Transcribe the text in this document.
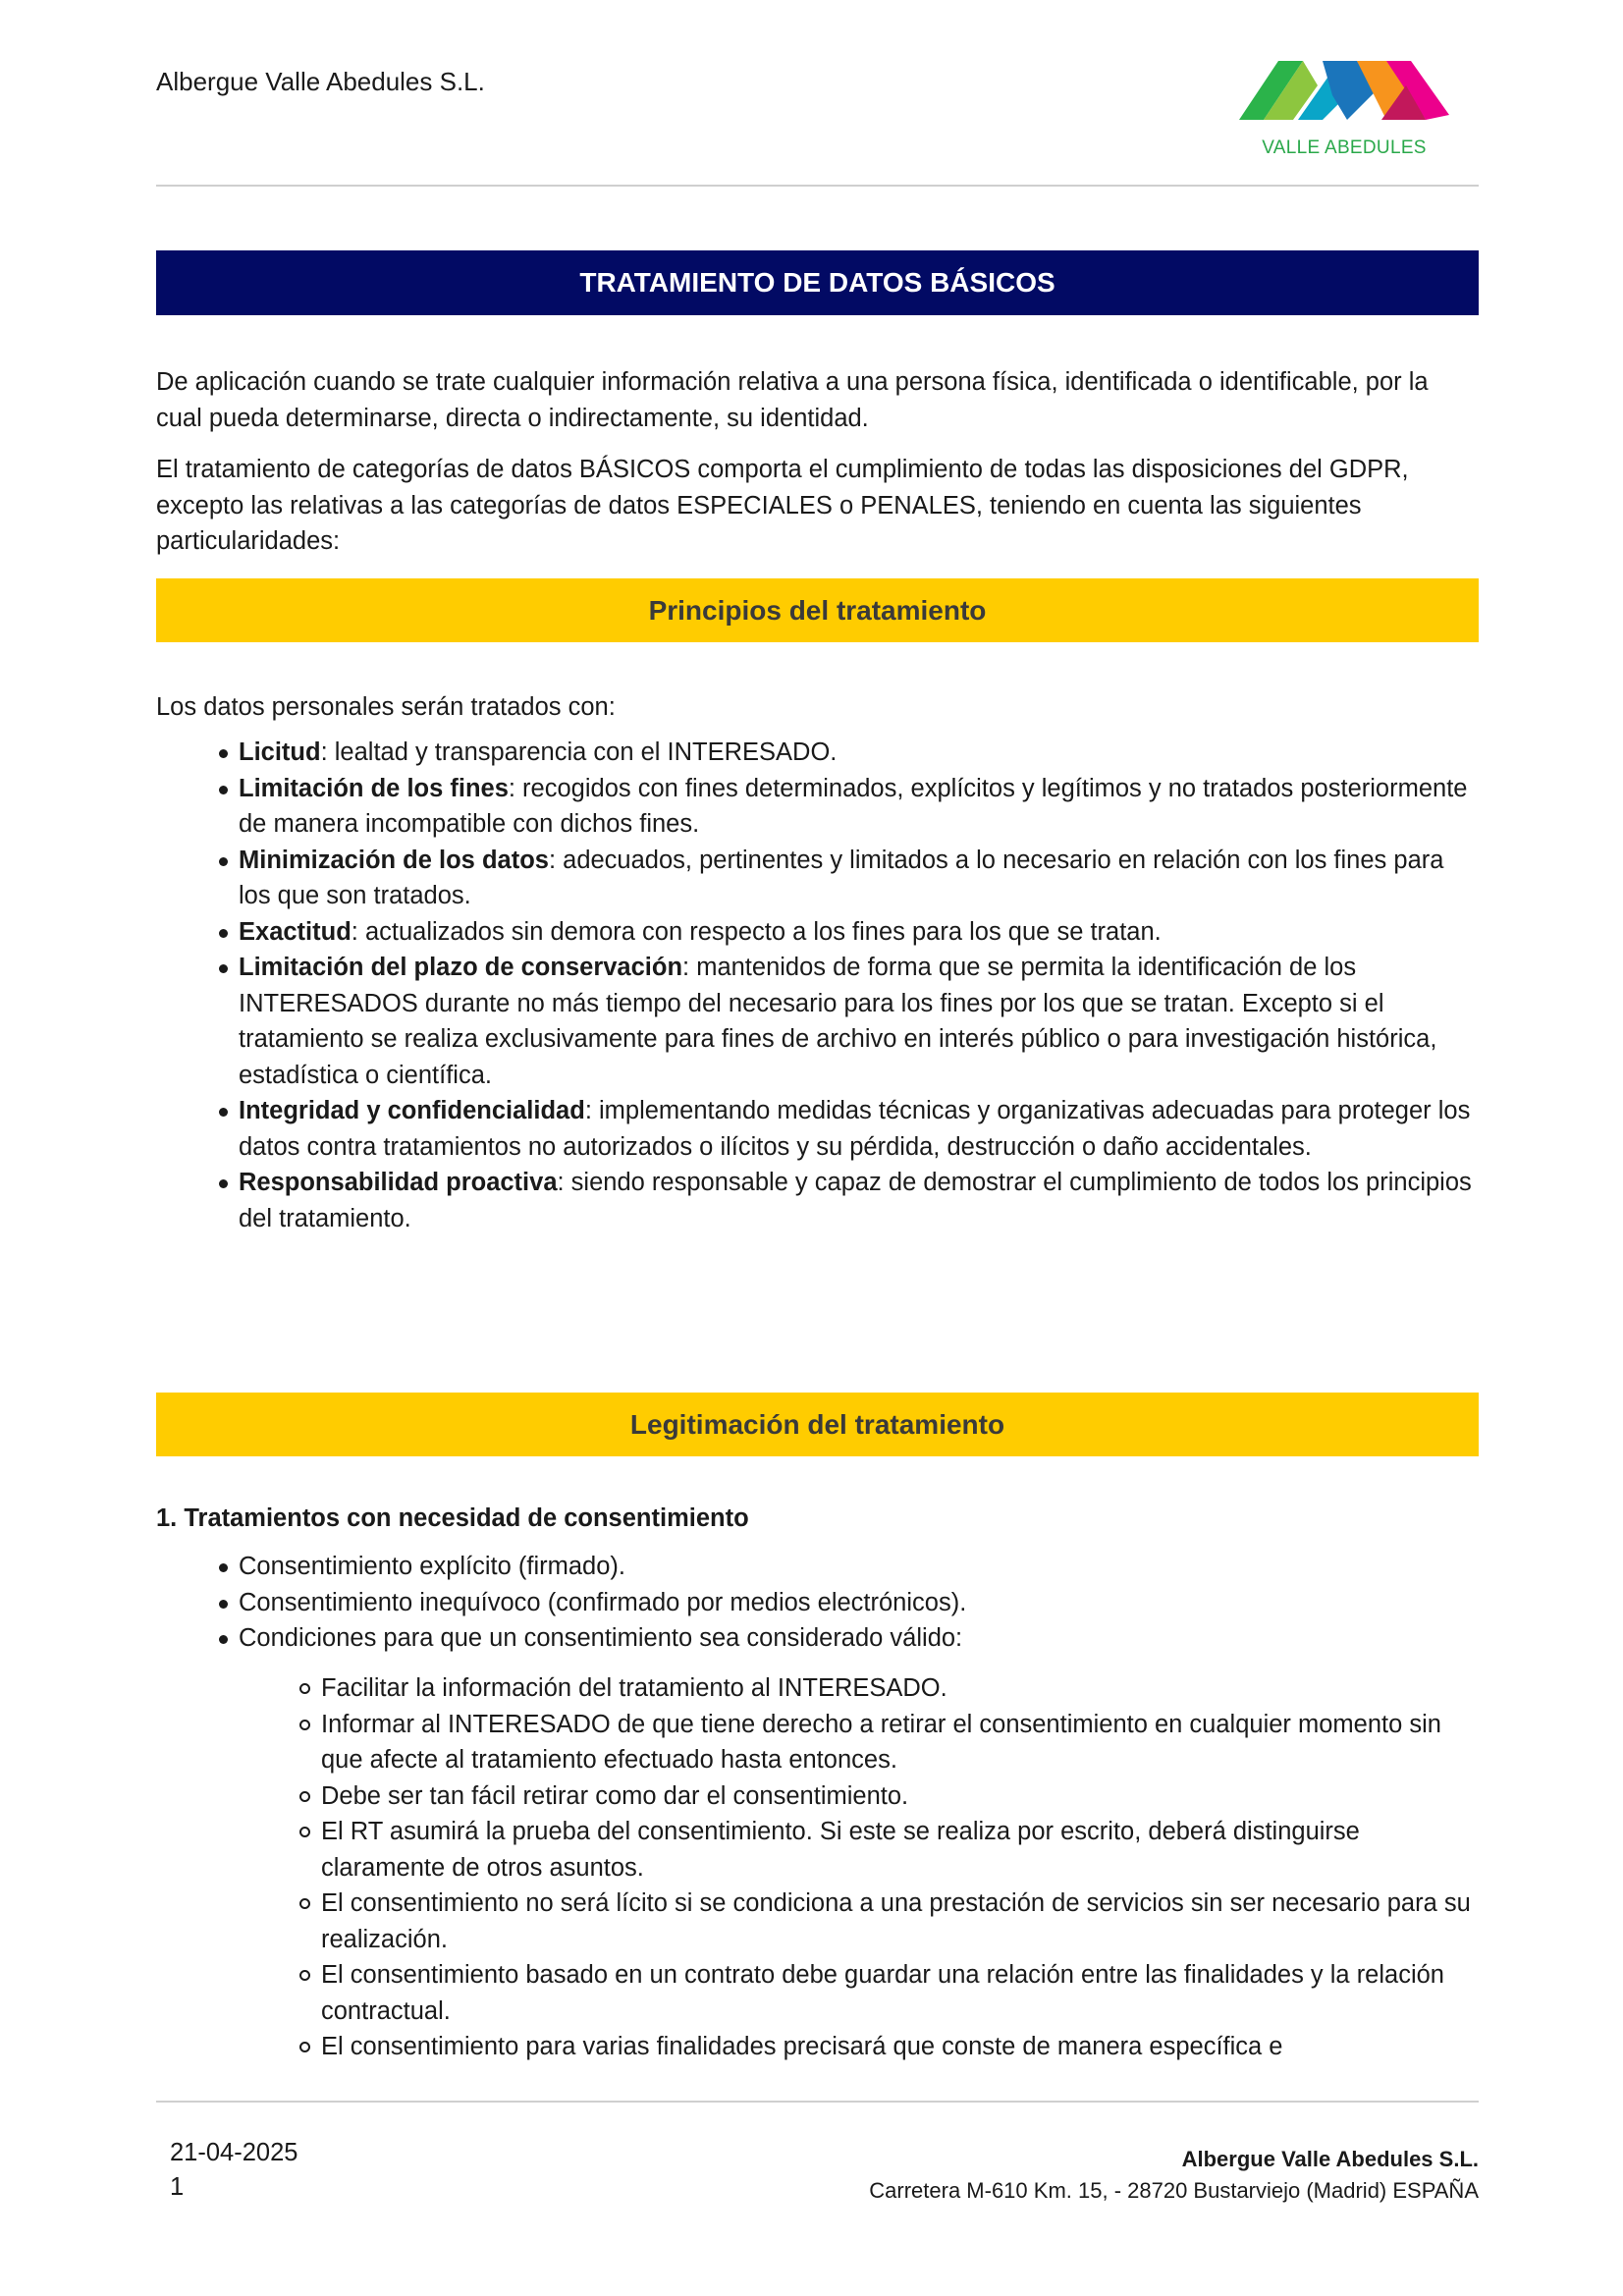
Albergue Valle Abedules S.L.
VALLE ABEDULES
TRATAMIENTO DE DATOS BÁSICOS

De aplicación cuando se trate cualquier información relativa a una persona física, identificada o identificable, por la cual pueda determinarse, directa o indirectamente, su identidad.

El tratamiento de categorías de datos BÁSICOS comporta el cumplimiento de todas las disposiciones del GDPR, excepto las relativas a las categorías de datos ESPECIALES o PENALES, teniendo en cuenta las siguientes particularidades:

Principios del tratamiento

Los datos personales serán tratados con:

Licitud: lealtad y transparencia con el INTERESADO.
Limitación de los fines: recogidos con fines determinados, explícitos y legítimos y no tratados posteriormente de manera incompatible con dichos fines.
Minimización de los datos: adecuados, pertinentes y limitados a lo necesario en relación con los fines para los que son tratados.
Exactitud: actualizados sin demora con respecto a los fines para los que se tratan.
Limitación del plazo de conservación: mantenidos de forma que se permita la identificación de los INTERESADOS durante no más tiempo del necesario para los fines por los que se tratan. Excepto si el tratamiento se realiza exclusivamente para fines de archivo en interés público o para investigación histórica, estadística o científica.
Integridad y confidencialidad: implementando medidas técnicas y organizativas adecuadas para proteger los datos contra tratamientos no autorizados o ilícitos y su pérdida, destrucción o daño accidentales.
Responsabilidad proactiva: siendo responsable y capaz de demostrar el cumplimiento de todos los principios del tratamiento.
Legitimación del tratamiento
1. Tratamientos con necesidad de consentimiento
Consentimiento explícito (firmado).
Consentimiento inequívoco (confirmado por medios electrónicos).
Condiciones para que un consentimiento sea considerado válido:
Facilitar la información del tratamiento al INTERESADO.
Informar al INTERESADO de que tiene derecho a retirar el consentimiento en cualquier momento sin que afecte al tratamiento efectuado hasta entonces.
Debe ser tan fácil retirar como dar el consentimiento.
El RT asumirá la prueba del consentimiento. Si este se realiza por escrito, deberá distinguirse claramente de otros asuntos.
El consentimiento no será lícito si se condiciona a una prestación de servicios sin ser necesario para su realización.
El consentimiento basado en un contrato debe guardar una relación entre las finalidades y la relación contractual.
El consentimiento para varias finalidades precisará que conste de manera específica e
21-04-2025
1
Albergue Valle Abedules S.L.
Carretera M-610 Km. 15, - 28720 Bustarviejo (Madrid) ESPAÑA
